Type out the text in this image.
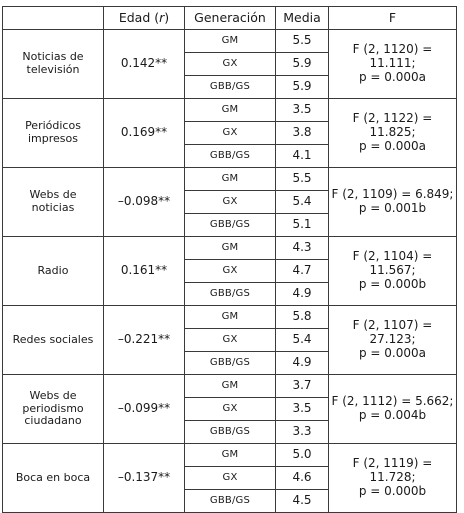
	Edad (r)	Generación	Media	F

Noticias de
televisión	0.142**	GM	5.5	F (2, 1120) = 11.111;
p = 0.000a

		GX	5.9	
		GBB/GS	5.9	

Periódicos
impresos	0.169**	GM	3.5	F (2, 1122) = 11.825;
p = 0.000a

		GX	3.8	
		GBB/GS	4.1	

Webs de
noticias	–0.098**	GM	5.5	F (2, 1109) = 6.849;
p = 0.001b

		GX	5.4	
		GBB/GS	5.1	

Radio	0.161**	GM	4.3	F (2, 1104) = 11.567;
p = 0.000b

		GX	4.7	
		GBB/GS	4.9	

Redes sociales	–0.221**	GM	5.8	F (2, 1107) = 27.123;
p = 0.000a

		GX	5.4	
		GBB/GS	4.9	

Webs de
periodismo
ciudadano	–0.099**	GM	3.7	F (2, 1112) = 5.662;
p = 0.004b

		GX	3.5	
		GBB/GS	3.3	

Boca en boca	–0.137**	GM	5.0	F (2, 1119) = 11.728;
p = 0.000b

		GX	4.6	
		GBB/GS	4.5	
